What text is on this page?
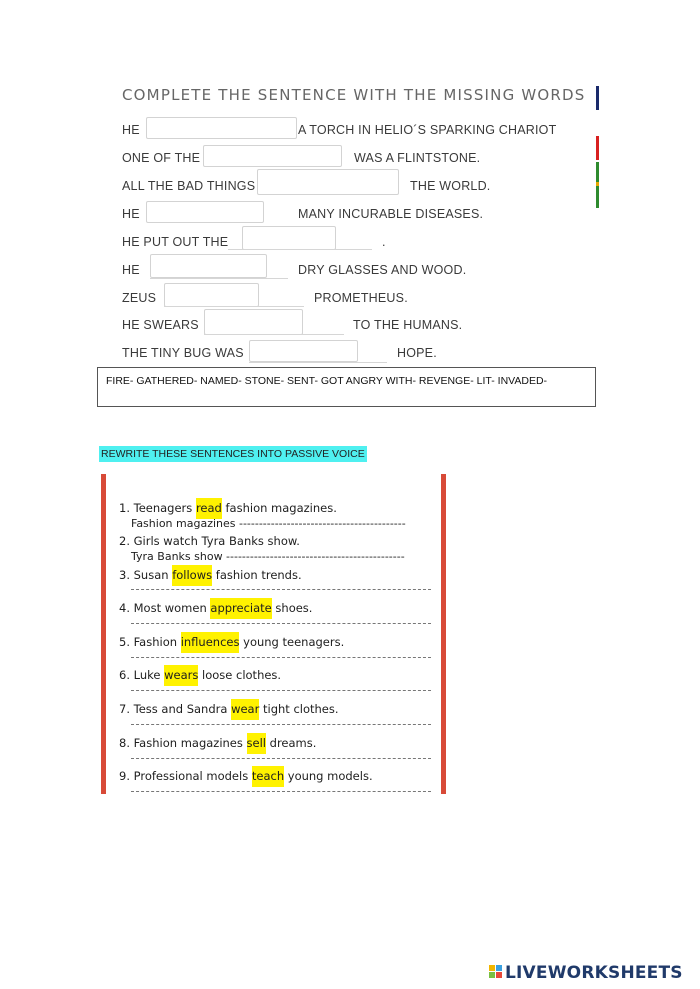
COMPLETE THE SENTENCE WITH THE MISSING WORDS
HE	A TORCH IN HELIO´S SPARKING CHARIOT
ONE OF THE	WAS A FLINTSTONE.
ALL THE BAD THINGS	THE WORLD.
HE	MANY INCURABLE DISEASES.
HE PUT OUT THE	.
HE	DRY GLASSES AND WOOD.
ZEUS	PROMETHEUS.
HE SWEARS	TO THE HUMANS.
THE TINY BUG WAS	HOPE.
FIRE- GATHERED- NAMED- STONE- SENT- GOT ANGRY WITH- REVENGE- LIT- INVADED-
REWRITE THESE SENTENCES INTO PASSIVE VOICE
1. Teenagers read fashion magazines.
Fashion magazines ------------------------------------------
2. Girls watch Tyra Banks show.
Tyra Banks show ---------------------------------------------
3. Susan follows fashion trends.
4. Most women appreciate shoes.
5. Fashion influences young teenagers.
6. Luke wears loose clothes.
7. Tess and Sandra wear tight clothes.
8. Fashion magazines sell dreams.
9. Professional models teach young models.
LIVEWORKSHEETS
